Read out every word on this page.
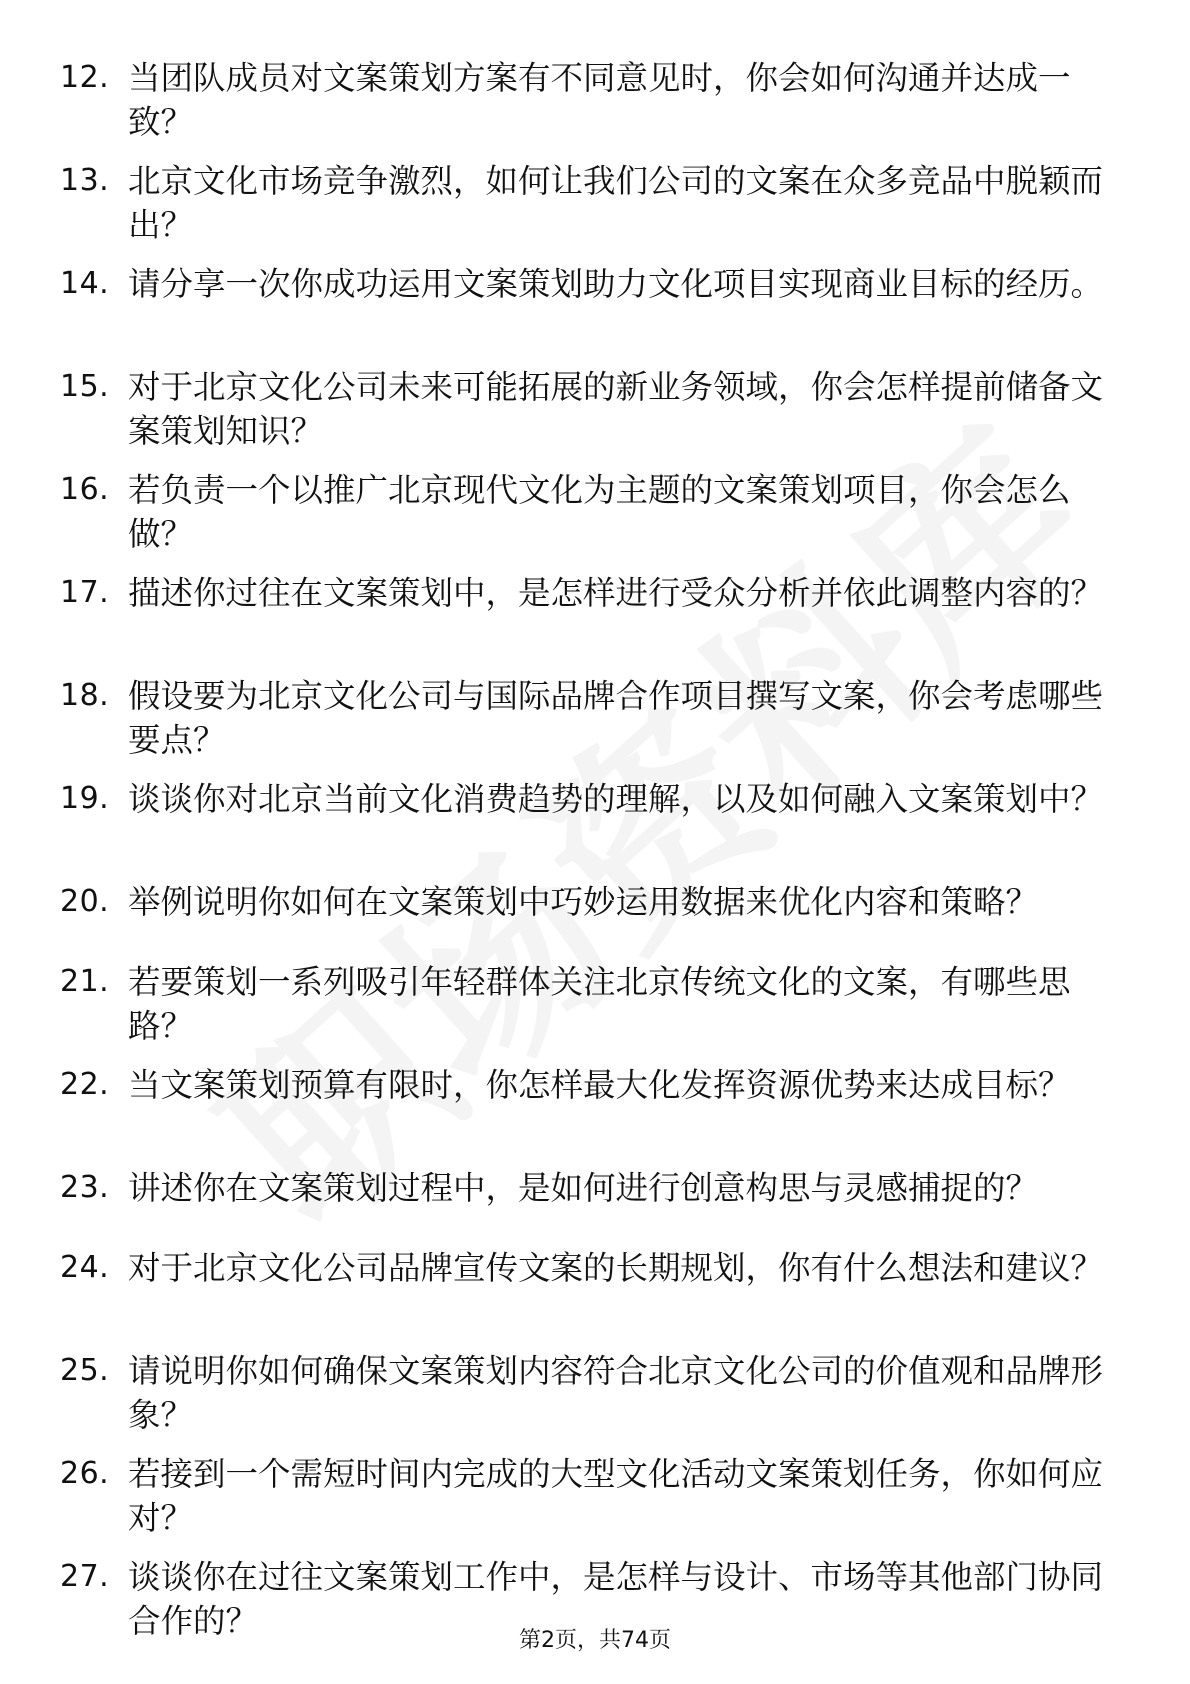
12. 当团队成员对文案策划方案有不同意见时，你会如何沟通并达成一致？
13. 北京文化市场竞争激烈，如何让我们公司的文案在众多竞品中脱颖而出？
14. 请分享一次你成功运用文案策划助力文化项目实现商业目标的经历。
15. 对于北京文化公司未来可能拓展的新业务领域，你会怎样提前储备文案策划知识？
16. 若负责一个以推广北京现代文化为主题的文案策划项目，你会怎么做？
17. 描述你过往在文案策划中，是怎样进行受众分析并依此调整内容的？
18. 假设要为北京文化公司与国际品牌合作项目撰写文案，你会考虑哪些要点？
19. 谈谈你对北京当前文化消费趋势的理解，以及如何融入文案策划中？
20. 举例说明你如何在文案策划中巧妙运用数据来优化内容和策略？
21. 若要策划一系列吸引年轻群体关注北京传统文化的文案，有哪些思路？
22. 当文案策划预算有限时，你怎样最大化发挥资源优势来达成目标？
23. 讲述你在文案策划过程中，是如何进行创意构思与灵感捕捉的？
24. 对于北京文化公司品牌宣传文案的长期规划，你有什么想法和建议？
25. 请说明你如何确保文案策划内容符合北京文化公司的价值观和品牌形象？
26. 若接到一个需短时间内完成的大型文化活动文案策划任务，你如何应对？
27. 谈谈你在过往文案策划工作中，是怎样与设计、市场等其他部门协同合作的？
第2页，共74页
